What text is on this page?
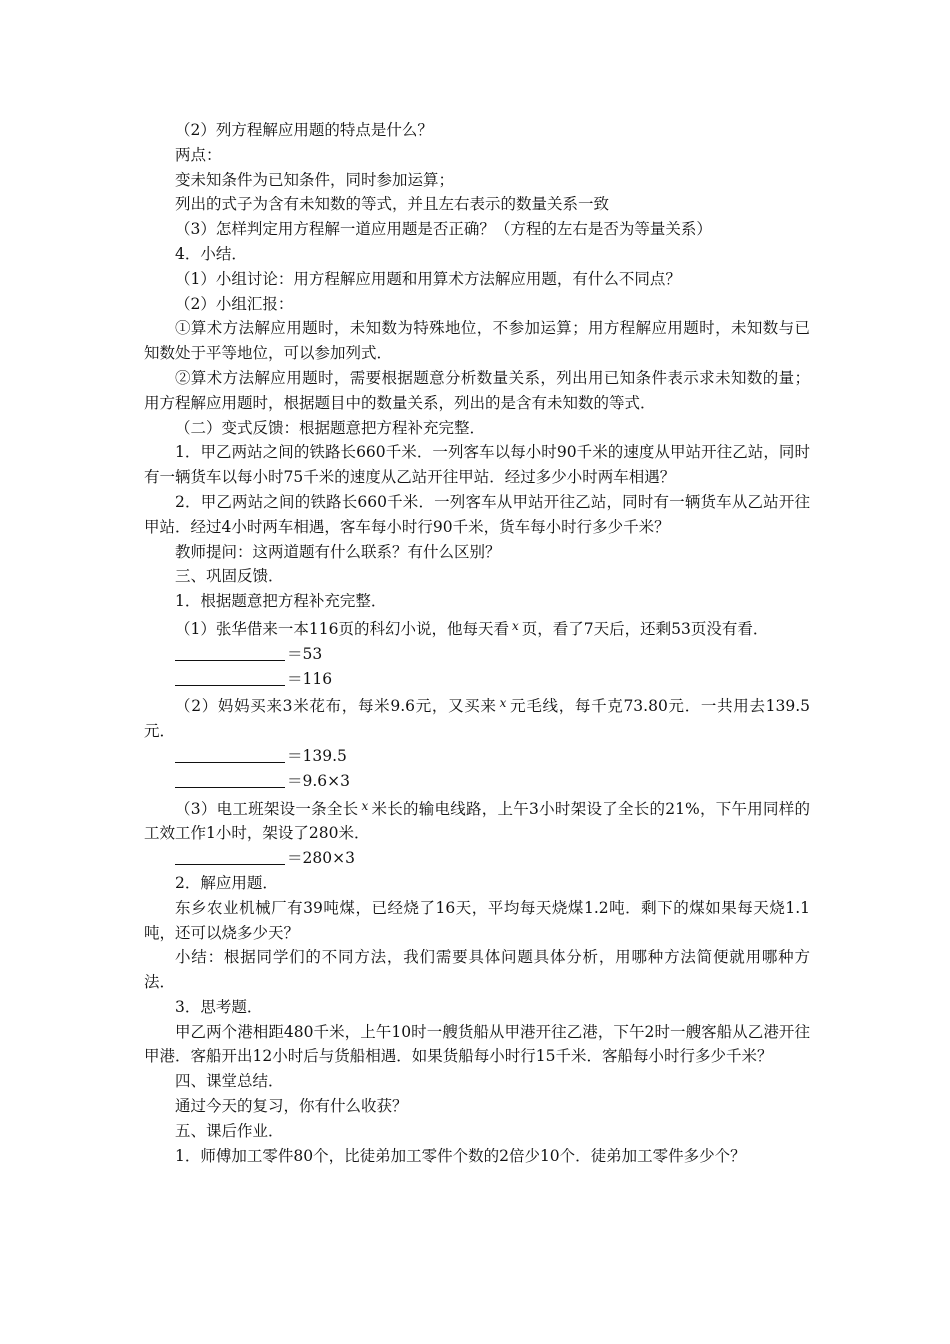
（2）列方程解应用题的特点是什么？

两点：

变未知条件为已知条件，同时参加运算；

列出的式子为含有未知数的等式，并且左右表示的数量关系一致

（3）怎样判定用方程解一道应用题是否正确？（方程的左右是否为等量关系）

4．小结．

（1）小组讨论：用方程解应用题和用算术方法解应用题，有什么不同点？

（2）小组汇报：

①算术方法解应用题时，未知数为特殊地位，不参加运算；用方程解应用题时，未知数与已知数处于平等地位，可以参加列式．

②算术方法解应用题时，需要根据题意分析数量关系，列出用已知条件表示求未知数的量；用方程解应用题时，根据题目中的数量关系，列出的是含有未知数的等式．

（二）变式反馈：根据题意把方程补充完整．

1．甲乙两站之间的铁路长660千米．一列客车以每小时90千米的速度从甲站开往乙站，同时有一辆货车以每小时75千米的速度从乙站开往甲站．经过多少小时两车相遇？

2．甲乙两站之间的铁路长660千米．一列客车从甲站开往乙站，同时有一辆货车从乙站开往甲站．经过4小时两车相遇，客车每小时行90千米，货车每小时行多少千米？

教师提问：这两道题有什么联系？有什么区别？

三、巩固反馈．

1．根据题意把方程补充完整．

（1）张华借来一本116页的科幻小说，他每天看 $^x$ 页，看了7天后，还剩53页没有看．

＝53

＝116

（2）妈妈买来3米花布，每米9.6元，又买来 $^x$ 元毛线，每千克73.80元．一共用去139.5元．

＝139.5

＝9.6×3

（3）电工班架设一条全长 $^x$ 米长的输电线路，上午3小时架设了全长的21%，下午用同样的工效工作1小时，架设了280米．

＝280×3

2．解应用题．

东乡农业机械厂有39吨煤，已经烧了16天，平均每天烧煤1.2吨．剩下的煤如果每天烧1.1吨，还可以烧多少天？

小结：根据同学们的不同方法，我们需要具体问题具体分析，用哪种方法简便就用哪种方法．

3．思考题．

甲乙两个港相距480千米，上午10时一艘货船从甲港开往乙港，下午2时一艘客船从乙港开往甲港．客船开出12小时后与货船相遇．如果货船每小时行15千米．客船每小时行多少千米？

四、课堂总结．

通过今天的复习，你有什么收获？

五、课后作业．

1．师傅加工零件80个，比徒弟加工零件个数的2倍少10个．徒弟加工零件多少个？
